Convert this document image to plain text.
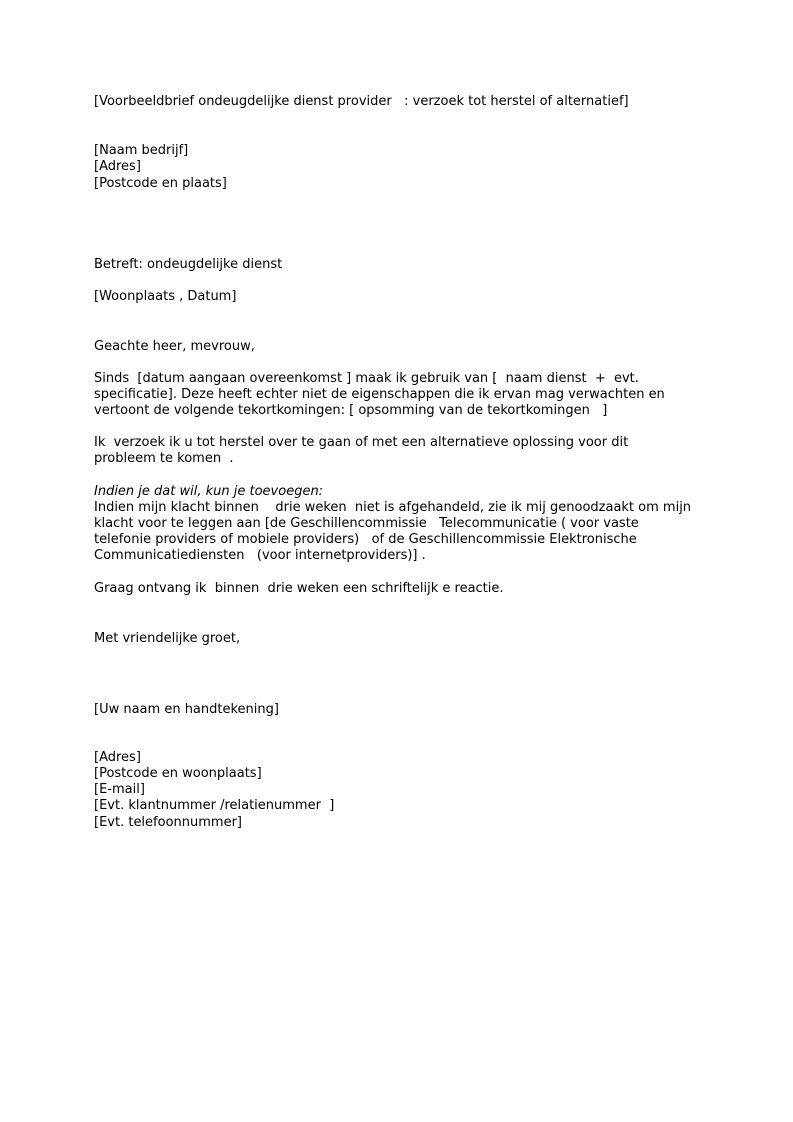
[Voorbeeldbrief ondeugdelijke dienst provider   : verzoek tot herstel of alternatief]

[Naam bedrijf]

[Adres]

[Postcode en plaats]

Betreft: ondeugdelijke dienst

[Woonplaats , Datum]

Geachte heer, mevrouw,

Sinds  [datum aangaan overeenkomst ] maak ik gebruik van [  naam dienst  +  evt.

specificatie]. Deze heeft echter niet de eigenschappen die ik ervan mag verwachten en

vertoont de volgende tekortkomingen: [ opsomming van de tekortkomingen   ]

Ik  verzoek ik u tot herstel over te gaan of met een alternatieve oplossing voor dit

probleem te komen  .

Indien je dat wil, kun je toevoegen:

Indien mijn klacht binnen    drie weken  niet is afgehandeld, zie ik mij genoodzaakt om mijn

klacht voor te leggen aan [de Geschillencommissie   Telecommunicatie ( voor vaste

telefonie providers of mobiele providers)   of de Geschillencommissie Elektronische

Communicatiediensten   (voor internetproviders)] .

Graag ontvang ik  binnen  drie weken een schriftelijk e reactie.

Met vriendelijke groet,

[Uw naam en handtekening]

[Adres]

[Postcode en woonplaats]

[E-mail]

[Evt. klantnummer /relatienummer  ]

[Evt. telefoonnummer]
